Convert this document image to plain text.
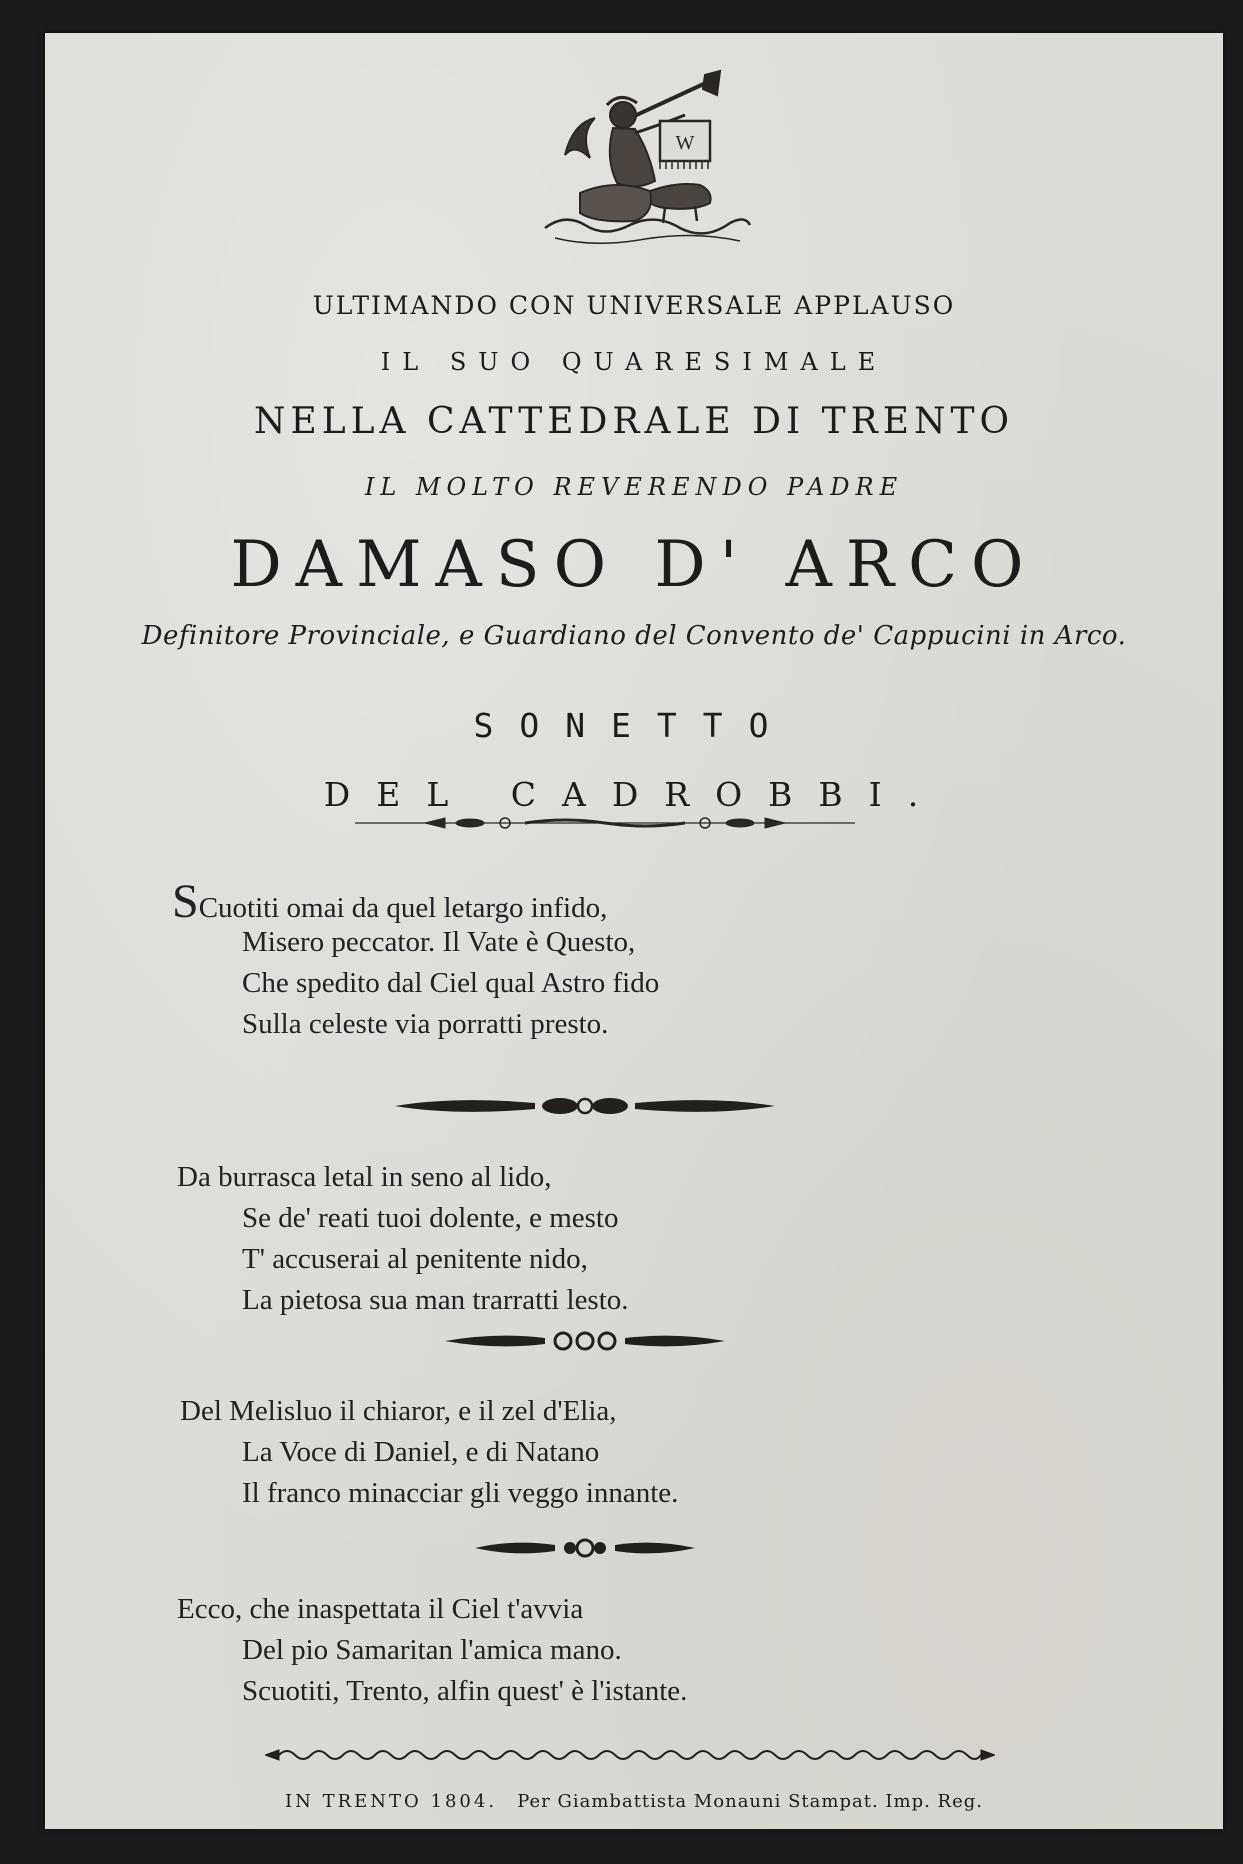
W
ULTIMANDO CON UNIVERSALE APPLAUSO
IL SUO QUARESIMALE
NELLA CATTEDRALE DI TRENTO
IL MOLTO REVERENDO PADRE
DAMASO D' ARCO
Definitore Provinciale, e Guardiano del Convento de' Cappucini in Arco.
SONETTO
DEL CADROBBI.
SCuotiti omai da quel letargo infido,
Misero peccator. Il Vate è Questo,
Che spedito dal Ciel qual Astro fido
Sulla celeste via porratti presto.
Da burrasca letal in seno al lido,
Se de' reati tuoi dolente, e mesto
T' accuserai al penitente nido,
La pietosa sua man trarratti lesto.
Del Melisluo il chiaror, e il zel d'Elia,
La Voce di Daniel, e di Natano
Il franco minacciar gli veggo innante.
Ecco, che inaspettata il Ciel t'avvia
Del pio Samaritan l'amica mano.
Scuotiti, Trento, alfin quest' è l'istante.
IN TRENTO 1804. Per Giambattista Monauni Stampat. Imp. Reg.
